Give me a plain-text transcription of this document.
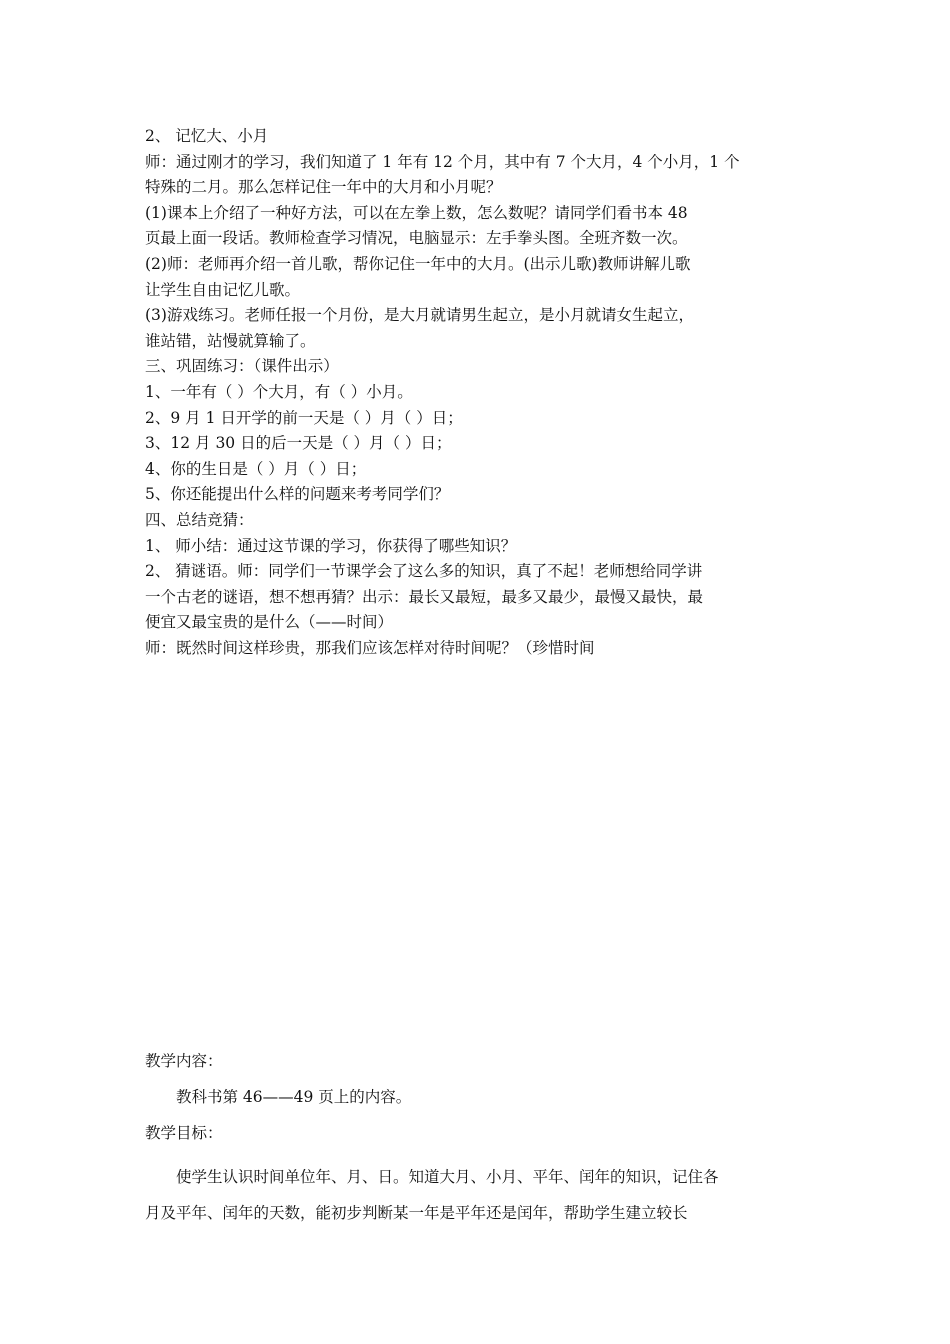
2、 记忆大、小月
师：通过刚才的学习，我们知道了 1 年有 12 个月，其中有 7 个大月，4 个小月，1 个
特殊的二月。那么怎样记住一年中的大月和小月呢？
(1)课本上介绍了一种好方法，可以在左拳上数，怎么数呢？请同学们看书本 48
页最上面一段话。教师检查学习情况，电脑显示：左手拳头图。全班齐数一次。
(2)师：老师再介绍一首儿歌，帮你记住一年中的大月。(出示儿歌)教师讲解儿歌
让学生自由记忆儿歌。
(3)游戏练习。老师任报一个月份，是大月就请男生起立，是小月就请女生起立，
谁站错，站慢就算输了。
三、巩固练习：（课件出示）
1、一年有（ ）个大月，有（ ）小月。
2、9 月 1 日开学的前一天是（ ）月（ ）日；
3、12 月 30 日的后一天是（ ）月（ ）日；
4、你的生日是（ ）月（ ）日；
5、你还能提出什么样的问题来考考同学们？
四、总结竞猜：
1、 师小结：通过这节课的学习，你获得了哪些知识？
2、 猜谜语。师：同学们一节课学会了这么多的知识，真了不起！老师想给同学讲
一个古老的谜语，想不想再猜？出示：最长又最短，最多又最少，最慢又最快，最
便宜又最宝贵的是什么（——时间）
师：既然时间这样珍贵，那我们应该怎样对待时间呢？（珍惜时间
教学内容：
教科书第 46——49 页上的内容。
教学目标：
使学生认识时间单位年、月、日。知道大月、小月、平年、闰年的知识，记住各
月及平年、闰年的天数，能初步判断某一年是平年还是闰年，帮助学生建立较长
